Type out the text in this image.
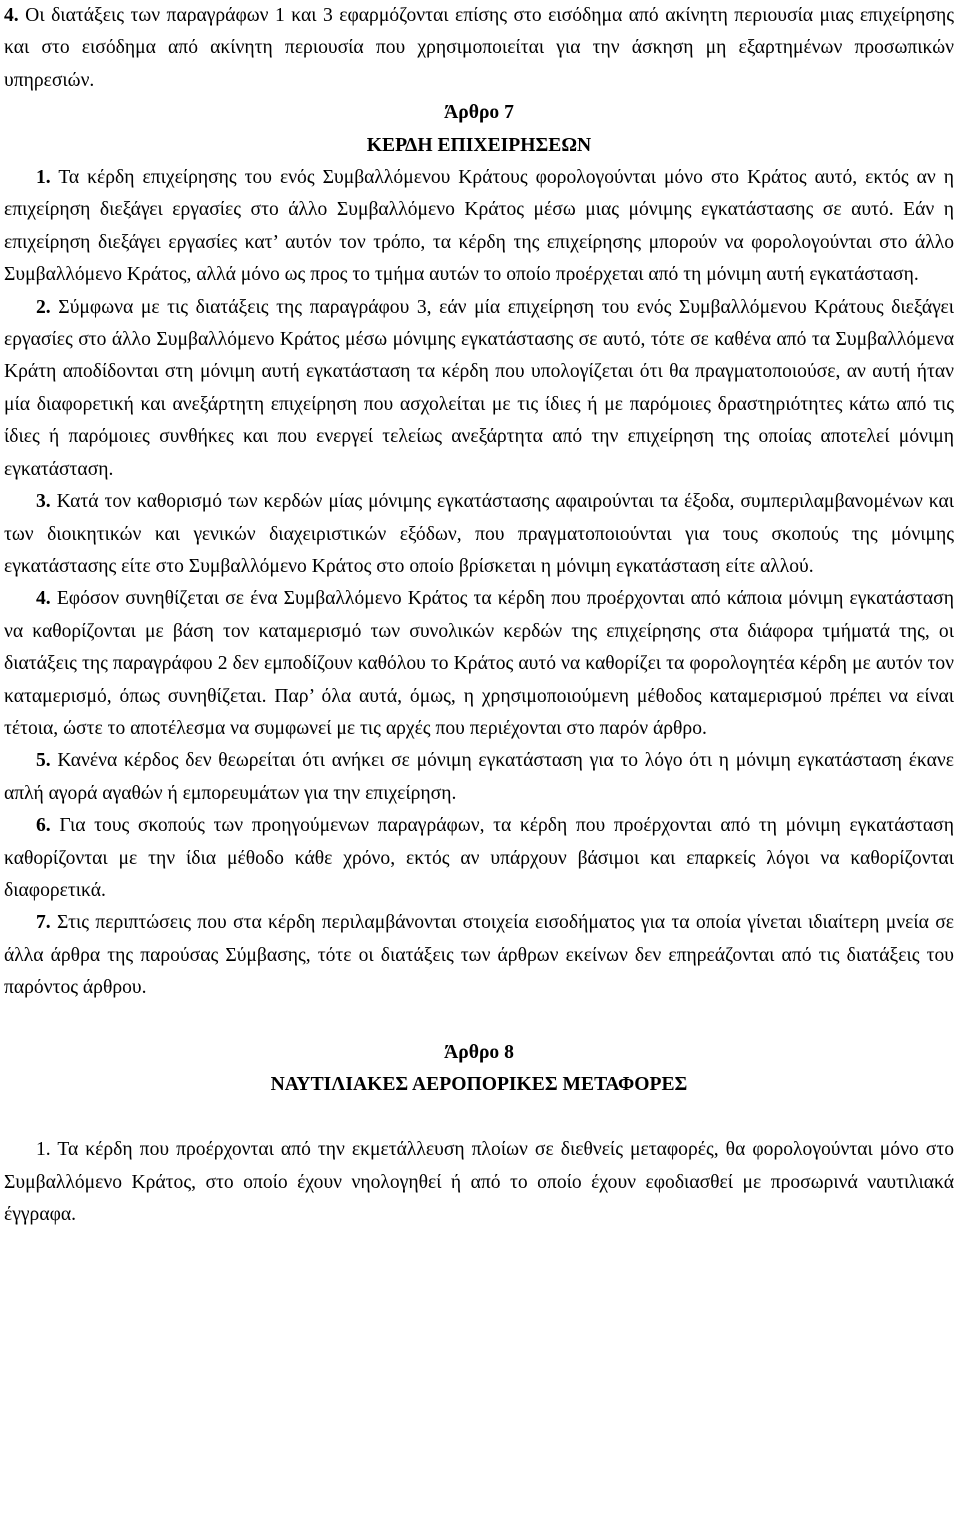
4. Οι διατάξεις των παραγράφων 1 και 3 εφαρμόζονται επίσης στο εισόδημα από ακίνητη περιουσία μιας επιχείρησης και στο εισόδημα από ακίνητη περιουσία που χρησιμοποιείται για την άσκηση μη εξαρτημένων προσωπικών υπηρεσιών.

Άρθρο 7
ΚΕΡΔΗ ΕΠΙΧΕΙΡΗΣΕΩΝ

1. Τα κέρδη επιχείρησης του ενός Συμβαλλόμενου Κράτους φορολογούνται μόνο στο Κράτος αυτό, εκτός αν η επιχείρηση διεξάγει εργασίες στο άλλο Συμβαλλόμενο Κράτος μέσω μιας μόνιμης εγκατάστασης σε αυτό. Εάν η επιχείρηση διεξάγει εργασίες κατ’ αυτόν τον τρόπο, τα κέρδη της επιχείρησης μπορούν να φορολογούνται στο άλλο Συμβαλλόμενο Κράτος, αλλά μόνο ως προς το τμήμα αυτών το οποίο προέρχεται από τη μόνιμη αυτή εγκατάσταση.

2. Σύμφωνα με τις διατάξεις της παραγράφου 3, εάν μία επιχείρηση του ενός Συμβαλλόμενου Κράτους διεξάγει εργασίες στο άλλο Συμβαλλόμενο Κράτος μέσω μόνιμης εγκατάστασης σε αυτό, τότε σε καθένα από τα Συμβαλλόμενα Κράτη αποδίδονται στη μόνιμη αυτή εγκατάσταση τα κέρδη που υπολογίζεται ότι θα πραγματοποιούσε, αν αυτή ήταν μία διαφορετική και ανεξάρτητη επιχείρηση που ασχολείται με τις ίδιες ή με παρόμοιες δραστηριότητες κάτω από τις ίδιες ή παρόμοιες συνθήκες και που ενεργεί τελείως ανεξάρτητα από την επιχείρηση της οποίας αποτελεί μόνιμη εγκατάσταση.

3. Κατά τον καθορισμό των κερδών μίας μόνιμης εγκατάστασης αφαιρούνται τα έξοδα, συμπεριλαμβανομένων και των διοικητικών και γενικών διαχειριστικών εξόδων, που πραγματοποιούνται για τους σκοπούς της μόνιμης εγκατάστασης είτε στο Συμβαλλόμενο Κράτος στο οποίο βρίσκεται η μόνιμη εγκατάσταση είτε αλλού.

4. Εφόσον συνηθίζεται σε ένα Συμβαλλόμενο Κράτος τα κέρδη που προέρχονται από κάποια μόνιμη εγκατάσταση να καθορίζονται με βάση τον καταμερισμό των συνολικών κερδών της επιχείρησης στα διάφορα τμήματά της, οι διατάξεις της παραγράφου 2 δεν εμποδίζουν καθόλου το Κράτος αυτό να καθορίζει τα φορολογητέα κέρδη με αυτόν τον καταμερισμό, όπως συνηθίζεται. Παρ’ όλα αυτά, όμως, η χρησιμοποιούμενη μέθοδος καταμερισμού πρέπει να είναι τέτοια, ώστε το αποτέλεσμα να συμφωνεί με τις αρχές που περιέχονται στο παρόν άρθρο.

5. Κανένα κέρδος δεν θεωρείται ότι ανήκει σε μόνιμη εγκατάσταση για το λόγο ότι η μόνιμη εγκατάσταση έκανε απλή αγορά αγαθών ή εμπορευμάτων για την επιχείρηση.

6. Για τους σκοπούς των προηγούμενων παραγράφων, τα κέρδη που προέρχονται από τη μόνιμη εγκατάσταση καθορίζονται με την ίδια μέθοδο κάθε χρόνο, εκτός αν υπάρχουν βάσιμοι και επαρκείς λόγοι να καθορίζονται διαφορετικά.

7. Στις περιπτώσεις που στα κέρδη περιλαμβάνονται στοιχεία εισοδήματος για τα οποία γίνεται ιδιαίτερη μνεία σε άλλα άρθρα της παρούσας Σύμβασης, τότε οι διατάξεις των άρθρων εκείνων δεν επηρεάζονται από τις διατάξεις του παρόντος άρθρου.

Άρθρο 8
ΝΑΥΤΙΛΙΑΚΕΣ ΑΕΡΟΠΟΡΙΚΕΣ ΜΕΤΑΦΟΡΕΣ

1. Τα κέρδη που προέρχονται από την εκμετάλλευση πλοίων σε διεθνείς μεταφορές, θα φορολογούνται μόνο στο Συμβαλλόμενο Κράτος, στο οποίο έχουν νηολογηθεί ή από το οποίο έχουν εφοδιασθεί με προσωρινά ναυτιλιακά έγγραφα.
